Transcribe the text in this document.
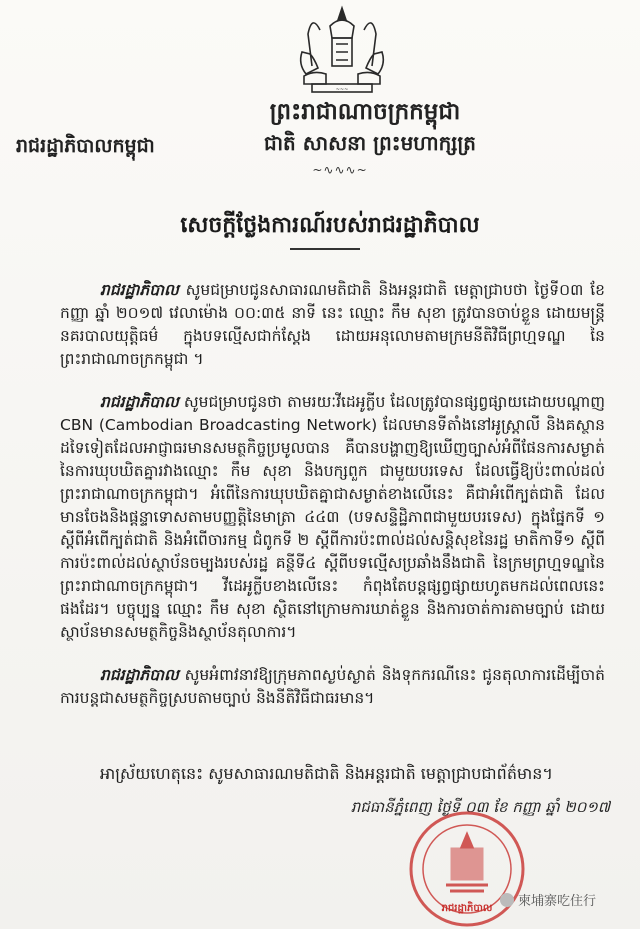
~~~
ព្រះរាជាណាចក្រកម្ពុជា
ជាតិ សាសនា ព្រះមហាក្សត្រ
~∿∿∿~
រាជរដ្ឋាភិបាលកម្ពុជា
សេចក្តីថ្លែងការណ៍របស់រាជរដ្ឋាភិបាល

រាជរដ្ឋាភិបាល សូមជម្រាបជូនសាធារណមតិជាតិ និងអន្តរជាតិ មេត្តាជ្រាបថា ថ្ងៃទី០៣ ខែកញ្ញា ឆ្នាំ ២០១៧ វេលាម៉ោង ០០:៣៥ នាទី នេះ ឈ្មោះ កឹម សុខា ត្រូវបានចាប់ខ្លួន ដោយមន្ត្រីនគរបាលយុត្តិធម៌ ក្នុងបទល្មើសជាក់ស្តែង ដោយអនុលោមតាមក្រមនីតិវិធីព្រហ្មទណ្ឌ នៃព្រះរាជាណាចក្រកម្ពុជា ។

រាជរដ្ឋាភិបាល សូមជម្រាបជូនថា តាមរយៈវីដេអូក្លីប ដែលត្រូវបានផ្សព្វផ្សាយដោយបណ្តាញ CBN (Cambodian Broadcasting Network) ដែលមានទីតាំងនៅអូស្ត្រាលី និងគស្ថានដទៃទៀតដែលអាជ្ញាធរមានសមត្ថកិច្ចប្រមូលបាន គឺបានបង្ហាញឱ្យឃើញច្បាស់អំពីផែនការសម្ងាត់នៃការឃុបឃិតគ្នារវាងឈ្មោះ កឹម សុខា និងបក្សពួក ជាមួយបរទេស ដែលធ្វើឱ្យប៉ះពាល់ដល់ព្រះរាជាណាចក្រកម្ពុជា។ អំពើនៃការឃុបឃិតគ្នាជាសម្ងាត់ខាងលើនេះ គឺជាអំពើក្បត់ជាតិ ដែលមានចែងនិងផ្តន្ទាទោសតាមបញ្ញត្តិនៃមាត្រា ៤៤៣ (បទសន្ទិដ្ឋិភាពជាមួយបរទេស) ក្នុងផ្នែកទី ១ ស្តីពីអំពើក្បត់ជាតិ និងអំពើចារកម្ម ជំពូកទី ២ ស្តីពីការប៉ះពាល់ដល់សន្តិសុខនៃរដ្ឋ មាតិកាទី១ ស្តីពីការប៉ះពាល់ដល់ស្ថាប័នចម្បងរបស់រដ្ឋ គន្ថីទី៤ ស្តីពីបទល្មើសប្រឆាំងនឹងជាតិ នៃក្រមព្រហ្មទណ្ឌនៃព្រះរាជាណាចក្រកម្ពុជា។ វីដេអូក្លីបខាងលើនេះ កំពុងតែបន្តផ្សព្វផ្សាយហូតមកដល់ពេលនេះផងដែរ។ បច្ចុប្បន្ន ឈ្មោះ កឹម សុខា ស្ថិតនៅក្រោមការឃាត់ខ្លួន និងការចាត់ការតាមច្បាប់ ដោយស្ថាប័នមានសមត្ថកិច្ចនិងស្ថាប័នតុលាការ។

រាជរដ្ឋាភិបាល សូមអំពាវនាវឱ្យក្រុមភាពស្ងប់ស្ងាត់ និងទុកករណីនេះ ជូនតុលាការដើម្បីចាត់ការបន្តជាសមត្ថកិច្ចស្របតាមច្បាប់ និងនីតិវិធីជាធរមាន។

អាស្រ័យហេតុនេះ សូមសាធារណមតិជាតិ និងអន្តរជាតិ មេត្តាជ្រាបជាព័ត៌មាន។
រាជធានីភ្នំពេញ ថ្ងៃទី ០៣ ខែ កញ្ញា ឆ្នាំ ២០១៧
រាជរដ្ឋាភិបាល	柬埔寨吃住行
